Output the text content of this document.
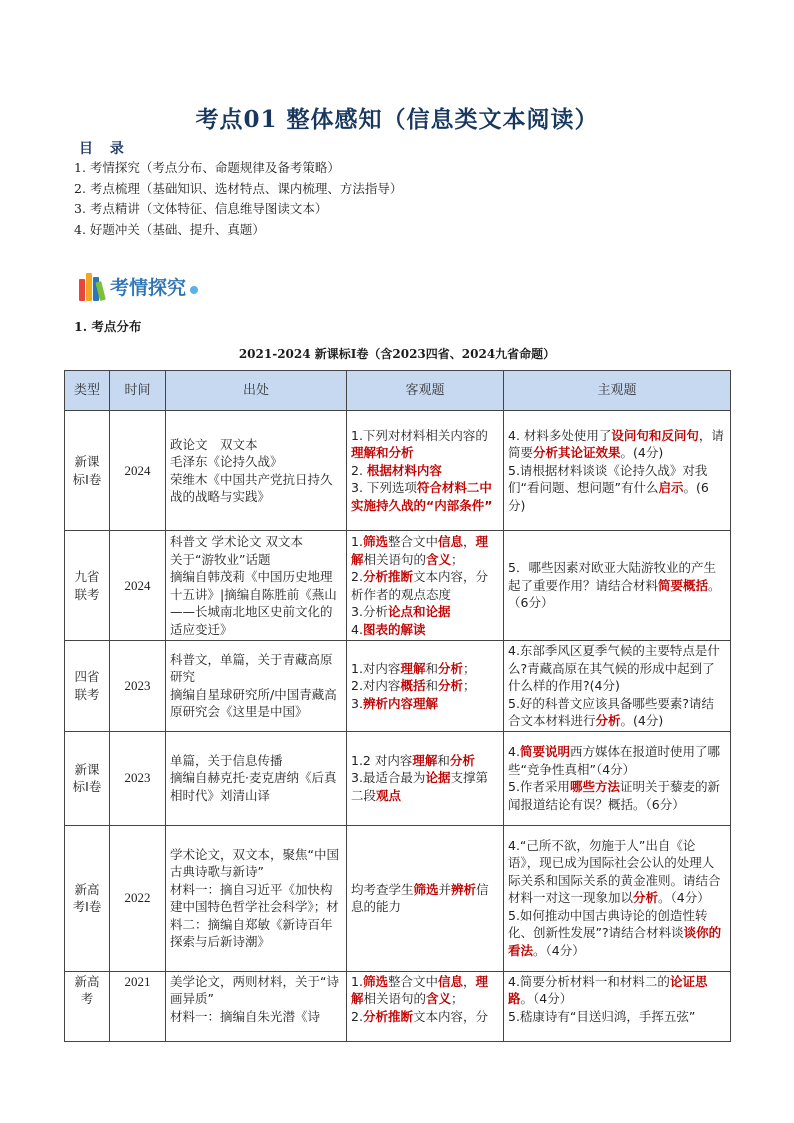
考点01 整体感知（信息类文本阅读）
目 录
1. 考情探究（考点分布、命题规律及备考策略）
2. 考点梳理（基础知识、选材特点、课内梳理、方法指导）
3. 考点精讲（文体特征、信息维导图读文本）
4. 好题冲关（基础、提升、真题）
考情探究
1. 考点分布
2021-2024 新课标Ⅰ卷（含2023四省、2024九省命题）
类型	时间	出处	客观题	主观题
新课标Ⅰ卷	2024	政论文　双文本
毛泽东《论持久战》
荣维木《中国共产党抗日持久战的战略与实践》	1.下列对材料相关内容的理解和分析
2. 根据材料内容
3. 下列选项符合材料二中实施持久战的“内部条件”	4. 材料多处使用了设问句和反问句，请简要分析其论证效果。(4分)
5.请根据材料谈谈《论持久战》对我们“看问题、想问题”有什么启示。(6分)

九省联考	2024	科普文 学术论文 双文本
关于“游牧业”话题
摘编自韩茂莉《中国历史地理十五讲》|摘编自陈胜前《燕山——长城南北地区史前文化的适应变迁》	1.筛选整合文中信息，理解相关语句的含义；
2.分析推断文本内容，分析作者的观点态度
3.分析论点和论据
4.图表的解读	5．哪些因素对欧亚大陆游牧业的产生起了重要作用？请结合材料简要概括。（6分）

四省联考	2023	科普文，单篇，关于青藏高原研究
摘编自星球研究所/中国青藏高原研究会《这里是中国》	1.对内容理解和分析；
2.对内容概括和分析；
3.辨析内容理解	4.东部季风区夏季气候的主要特点是什么?青藏高原在其气候的形成中起到了什么样的作用?(4分)
5.好的科普文应该具备哪些要素?请结合文本材料进行分析。(4分)

新课标Ⅰ卷	2023	单篇，关于信息传播
摘编自赫克托·麦克唐纳《后真相时代》刘清山译	1.2 对内容理解和分析
3.最适合最为论据支撑第二段观点	4.简要说明西方媒体在报道时使用了哪些“竞争性真相”（4分）
5.作者采用哪些方法证明关于藜麦的新闻报道结论有误？概括。（6分）

新高考Ⅰ卷	2022	学术论文，双文本，聚焦“中国古典诗歌与新诗”
材料一：摘自习近平《加快构建中国特色哲学社会科学》；材料二：摘编自郑敏《新诗百年探索与后新诗潮》	均考查学生筛选并辨析信息的能力	4.“己所不欲，勿施于人”出自《论语》，现已成为国际社会公认的处理人际关系和国际关系的黄金准则。请结合材料一对这一现象加以分析。（4分）
5.如何推动中国古典诗论的创造性转化、创新性发展”?请结合材料谈谈你的看法。（4分）

新高考	2021	美学论文，两则材料，关于“诗画异质”
材料一：摘编自朱光潜《诗	1.筛选整合文中信息，理解相关语句的含义；
2.分析推断文本内容，分	4.简要分析材料一和材料二的论证思路。（4分）
5.嵇康诗有“目送归鸿，手挥五弦”
